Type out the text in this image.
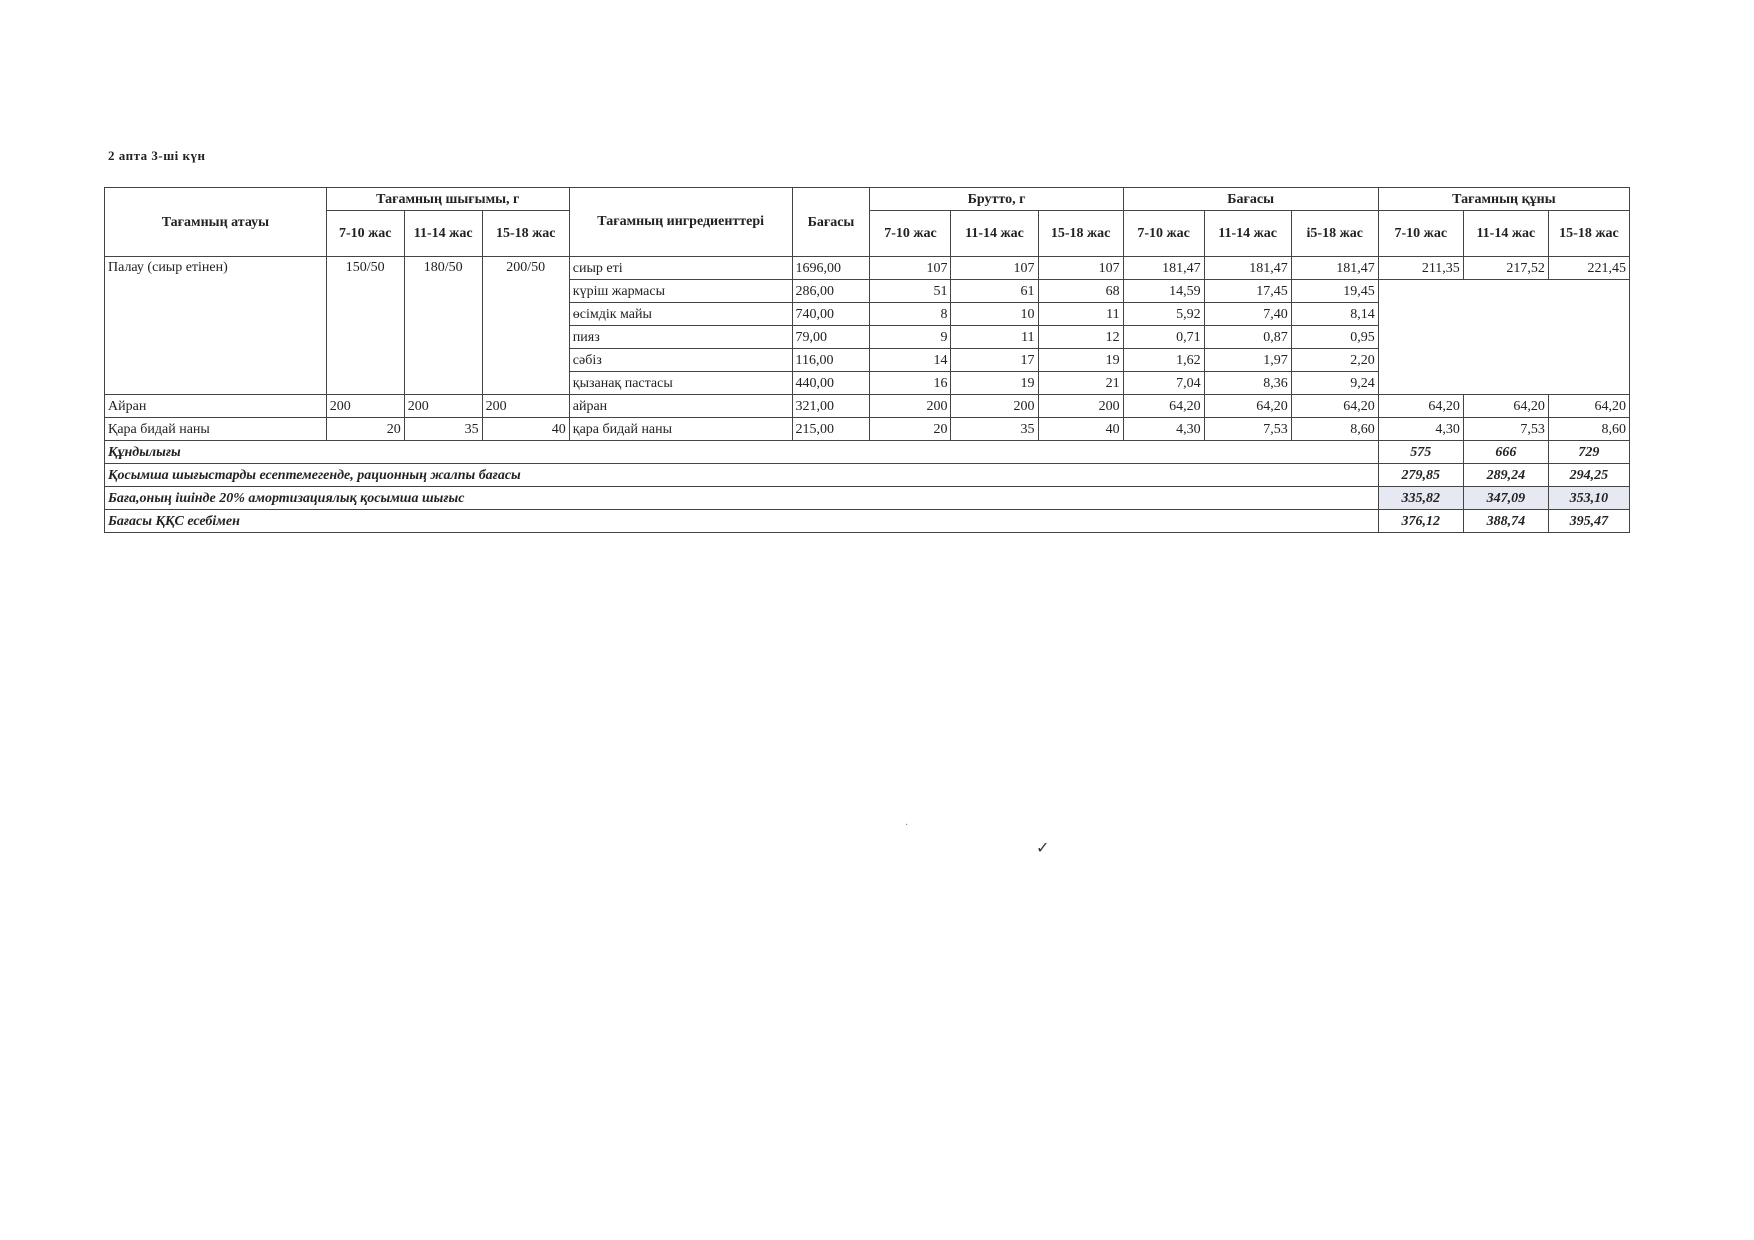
2 апта 3-ші күн
Тағамның атауы	Тағамның шығымы, г			Тағамның ингредиенттері	Бағасы	Брутто, г			Бағасы			Тағамның құны		
	7-10 жас	11-14 жас	15-18 жас			7-10 жас	11-14 жас	15-18 жас	7-10 жас	11-14 жас	i5-18 жас	7-10 жас	11-14 жас	15-18 жас
Палау (сиыр етінен)	150/50	180/50	200/50	сиыр еті	1696,00	107	107	107	181,47	181,47	181,47	211,35	217,52	221,45
				күріш жармасы	286,00	51	61	68	14,59	17,45	19,45			
				өсімдік майы	740,00	8	10	11	5,92	7,40	8,14			
				пияз	79,00	9	11	12	0,71	0,87	0,95			
				сәбіз	116,00	14	17	19	1,62	1,97	2,20			
				қызанақ пастасы	440,00	16	19	21	7,04	8,36	9,24			
Айран	200	200	200	айран	321,00	200	200	200	64,20	64,20	64,20	64,20	64,20	64,20
Қара бидай наны	20	35	40	қара бидай наны	215,00	20	35	40	4,30	7,53	8,60	4,30	7,53	8,60
Құндылығы												575	666	729
Қосымша шығыстарды есептемегенде, рационның жалпы бағасы												279,85	289,24	294,25
Баға,оның ішінде 20% амортизациялық қосымша шығыс												335,82	347,09	353,10
Бағасы ҚҚС есебімен												376,12	388,74	395,47
✓
·
